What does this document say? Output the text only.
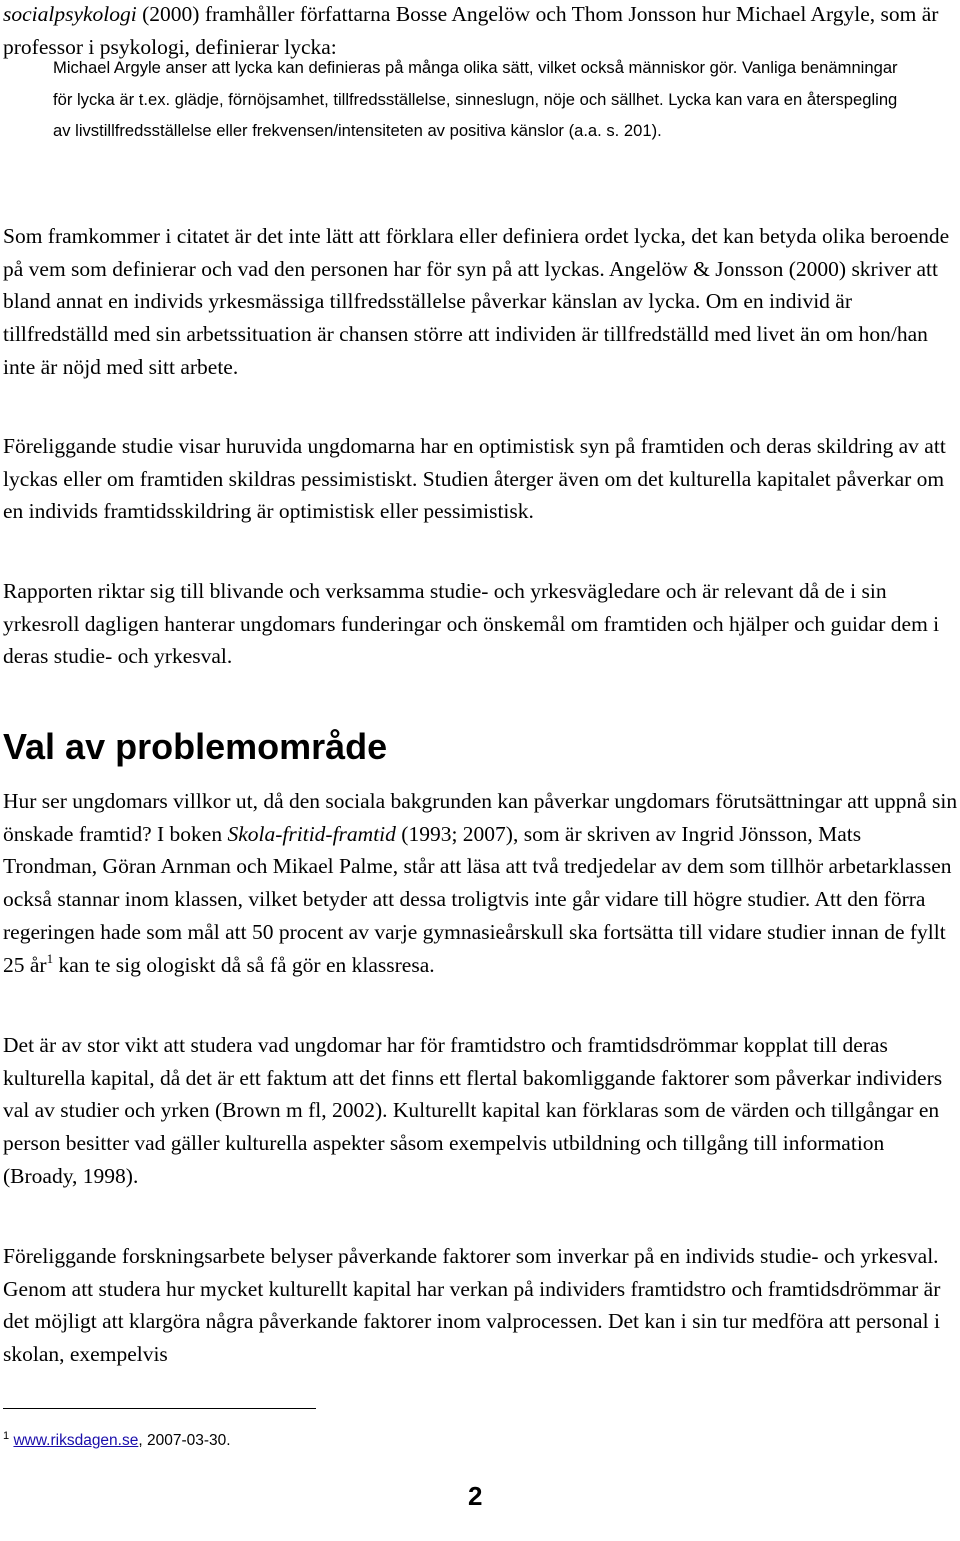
socialpsykologi (2000) framhåller författarna Bosse Angelöw och Thom Jonsson hur Michael Argyle, som är professor i psykologi, definierar lycka:

Michael Argyle anser att lycka kan definieras på många olika sätt, vilket också människor gör. Vanliga benämningar för lycka är t.ex. glädje, förnöjsamhet, tillfredsställelse, sinneslugn, nöje och sällhet. Lycka kan vara en återspegling av livstillfredsställelse eller frekvensen/intensiteten av positiva känslor (a.a. s. 201).

Som framkommer i citatet är det inte lätt att förklara eller definiera ordet lycka, det kan betyda olika beroende på vem som definierar och vad den personen har för syn på att lyckas. Angelöw & Jonsson (2000) skriver att bland annat en individs yrkesmässiga tillfredsställelse påverkar känslan av lycka. Om en individ är tillfredställd med sin arbetssituation är chansen större att individen är tillfredställd med livet än om hon/han inte är nöjd med sitt arbete.

Föreliggande studie visar huruvida ungdomarna har en optimistisk syn på framtiden och deras skildring av att lyckas eller om framtiden skildras pessimistiskt. Studien återger även om det kulturella kapitalet påverkar om en individs framtidsskildring är optimistisk eller pessimistisk.

Rapporten riktar sig till blivande och verksamma studie- och yrkesvägledare och är relevant då de i sin yrkesroll dagligen hanterar ungdomars funderingar och önskemål om framtiden och hjälper och guidar dem i deras studie- och yrkesval.

Val av problemområde

Hur ser ungdomars villkor ut, då den sociala bakgrunden kan påverkar ungdomars förutsättningar att uppnå sin önskade framtid? I boken Skola-fritid-framtid (1993; 2007), som är skriven av Ingrid Jönsson, Mats Trondman, Göran Arnman och Mikael Palme, står att läsa att två tredjedelar av dem som tillhör arbetarklassen också stannar inom klassen, vilket betyder att dessa troligtvis inte går vidare till högre studier. Att den förra regeringen hade som mål att 50 procent av varje gymnasieårskull ska fortsätta till vidare studier innan de fyllt 25 $år^1$ kan te sig ologiskt då så få gör en klassresa.

Det är av stor vikt att studera vad ungdomar har för framtidstro och framtidsdrömmar kopplat till deras kulturella kapital, då det är ett faktum att det finns ett flertal bakomliggande faktorer som påverkar individers val av studier och yrken (Brown m fl, 2002). Kulturellt kapital kan förklaras som de värden och tillgångar en person besitter vad gäller kulturella aspekter såsom exempelvis utbildning och tillgång till information (Broady, 1998).

Föreliggande forskningsarbete belyser påverkande faktorer som inverkar på en individs studie- och yrkesval. Genom att studera hur mycket kulturellt kapital har verkan på individers framtidstro och framtidsdrömmar är det möjligt att klargöra några påverkande faktorer inom valprocessen. Det kan i sin tur medföra att personal i skolan, exempelvis

$^1$ www.riksdagen.se, 2007-03-30.

2
